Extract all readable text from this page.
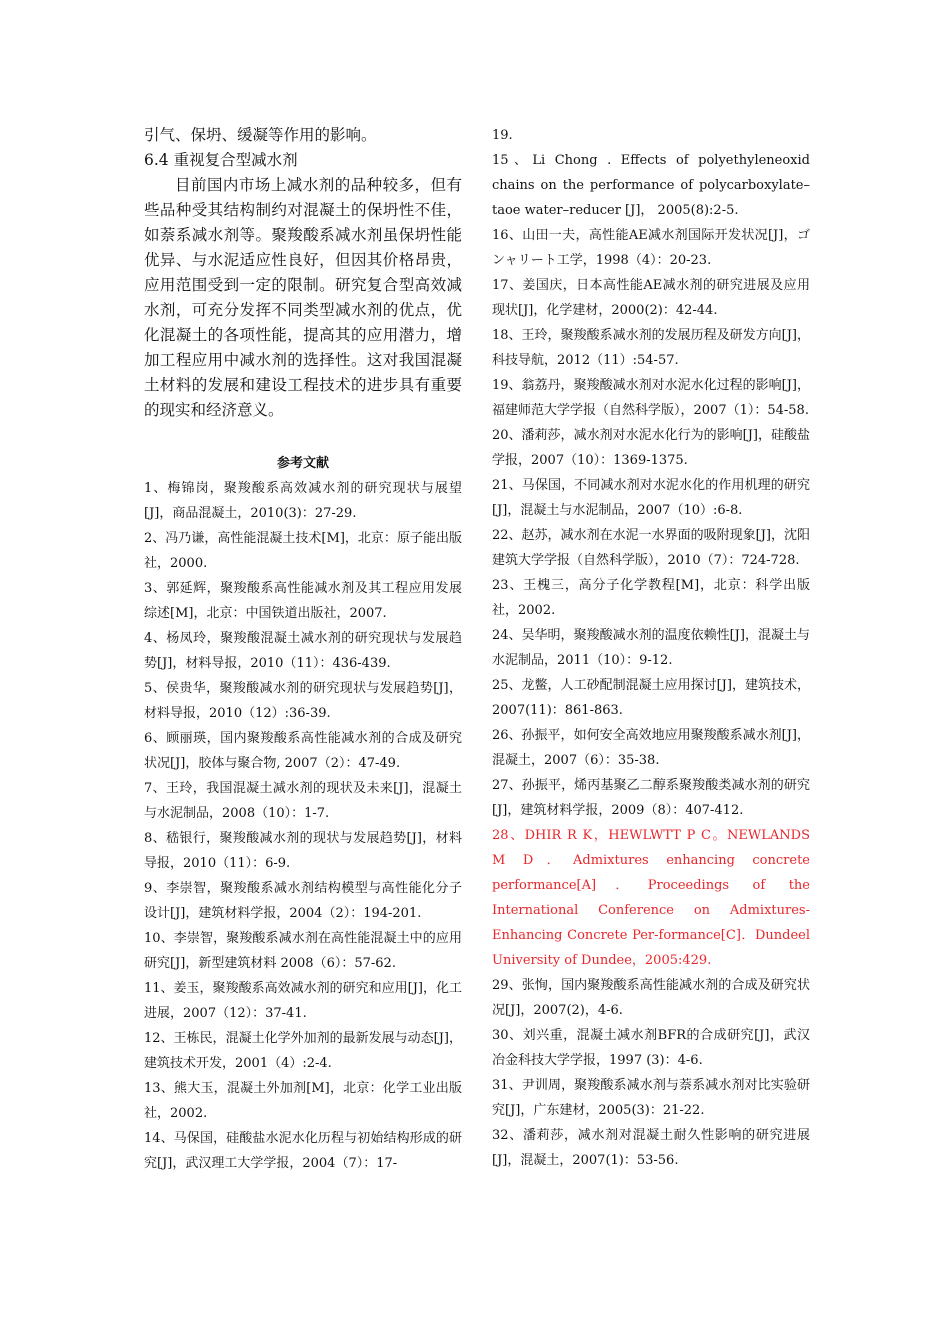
引气、保坍、缓凝等作用的影响。

6.4 重视复合型减水剂

目前国内市场上减水剂的品种较多，但有些品种受其结构制约对混凝土的保坍性不佳，如萘系减水剂等。聚羧酸系减水剂虽保坍性能优异、与水泥适应性良好，但因其价格昂贵，应用范围受到一定的限制。研究复合型高效减水剂，可充分发挥不同类型减水剂的优点，优化混凝土的各项性能，提高其的应用潜力，增加工程应用中减水剂的选择性。这对我国混凝土材料的发展和建设工程技术的进步具有重要的现实和经济意义。

参考文献

1、梅锦岗，聚羧酸系高效减水剂的研究现状与展望[J]，商品混凝土，2010(3)：27-29.

2、冯乃谦，高性能混凝土技术[M]，北京：原子能出版社，2000.

3、郭延辉，聚羧酸系高性能减水剂及其工程应用发展综述[M]，北京：中国铁道出版社，2007.

4、杨凤玲，聚羧酸混凝土减水剂的研究现状与发展趋势[J]，材料导报，2010（11）：436-439.

5、侯贵华，聚羧酸减水剂的研究现状与发展趋势[J]，材料导报，2010（12）:36-39.

6、顾丽瑛，国内聚羧酸系高性能减水剂的合成及研究状况[J]，胶体与聚合物, 2007（2）：47-49.

7、王玲，我国混凝土减水剂的现状及未来[J]，混凝土与水泥制品，2008（10）：1-7.

8、嵇银行，聚羧酸减水剂的现状与发展趋势[J]，材料导报，2010（11）：6-9.

9、李崇智，聚羧酸系减水剂结构模型与高性能化分子设计[J]，建筑材料学报，2004（2）：194-201.

10、李崇智，聚羧酸系减水剂在高性能混凝土中的应用研究[J]，新型建筑材料 2008（6）：57-62.

11、姜玉，聚羧酸系高效减水剂的研究和应用[J]，化工进展，2007（12）：37-41.

12、王栋民，混凝土化学外加剂的最新发展与动态[J]，建筑技术开发，2001（4）:2-4.

13、熊大玉，混凝土外加剂[M]，北京：化学工业出版社，2002.

14、马保国，硅酸盐水泥水化历程与初始结构形成的研究[J]，武汉理工大学学报，2004（7）：17-

19.

15、Li Chong . Effects of polyethyleneoxid chains on the performance of polycarboxylate–taoe water–reducer [J]， 2005(8):2-5.

16、山田一夫，高性能AE减水剂国际开发状况[J]，ゴンャリート工学，1998（4）：20-23.

17、姜国庆，日本高性能AE减水剂的研究进展及应用现状[J]，化学建材，2000(2)：42-44.

18、王玲，聚羧酸系减水剂的发展历程及研发方向[J]，科技导航，2012（11）:54-57.

19、翁荔丹，聚羧酸减水剂对水泥水化过程的影响[J]，福建师范大学学报（自然科学版），2007（1）：54-58.

20、潘莉莎，减水剂对水泥水化行为的影响[J]，硅酸盐学报，2007（10）：1369-1375.

21、马保国，不同减水剂对水泥水化的作用机理的研究[J]，混凝土与水泥制品，2007（10）:6-8.

22、赵苏，减水剂在水泥一水界面的吸附现象[J]，沈阳建筑大学学报（自然科学版），2010（7）：724-728.

23、王槐三，高分子化学教程[M]，北京：科学出版社，2002.

24、吴华明，聚羧酸减水剂的温度依赖性[J]，混凝土与水泥制品，2011（10）：9-12.

25、龙鳖，人工砂配制混凝土应用探讨[J]，建筑技术，2007(11)：861-863.

26、孙振平，如何安全高效地应用聚羧酸系减水剂[J]，混凝土，2007（6）：35-38.

27、孙振平，烯丙基聚乙二醇系聚羧酸类减水剂的研究[J]，建筑材料学报，2009（8）：407-412.

28、DHIR R K，HEWLWTT P C。NEWLANDS M D．Admixtures enhancing concrete performance[A]．Proceedings of the International Conference on Admixtures-Enhancing Concrete Per-formance[C]．Dundeel University of Dundee，2005:429.

29、张恂，国内聚羧酸系高性能减水剂的合成及研究状况[J]，2007(2)，4-6.

30、刘兴重，混凝土减水剂BFR的合成研究[J]，武汉冶金科技大学学报，1997 (3)：4-6.

31、尹训周，聚羧酸系减水剂与萘系减水剂对比实验研究[J]，广东建材，2005(3)：21-22.

32、潘莉莎，减水剂对混凝土耐久性影响的研究进展[J]，混凝土，2007(1)：53-56.
